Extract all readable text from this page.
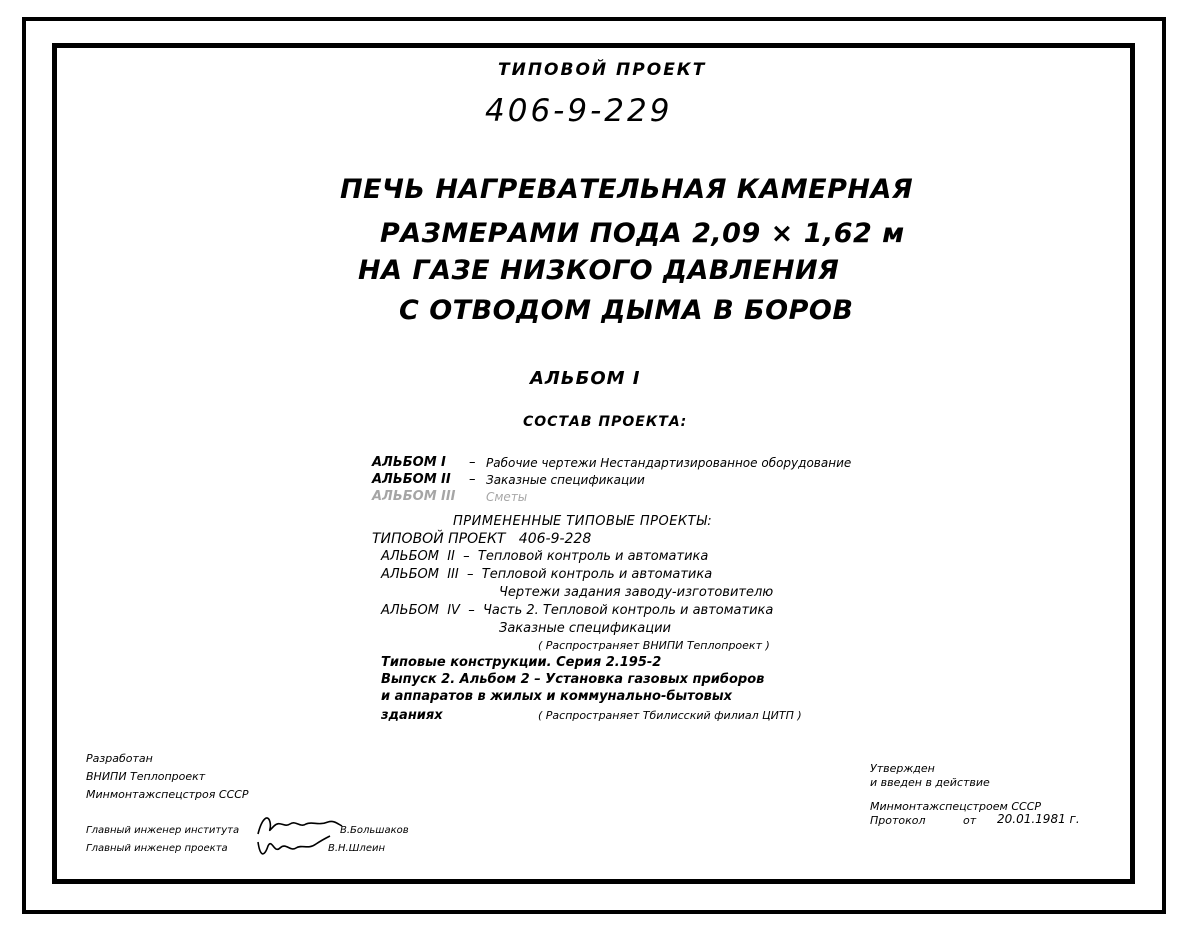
ТИПОВОЙ ПРОЕКТ
406-9-229
ПЕЧЬ НАГРЕВАТЕЛЬНАЯ КАМЕРНАЯ
РАЗМЕРАМИ ПОДА 2,09 × 1,62 м
НА ГАЗЕ НИЗКОГО ДАВЛЕНИЯ
С ОТВОДОМ ДЫМА В БОРОВ
АЛЬБОМ I
СОСТАВ ПРОЕКТА:
АЛЬБОМ I – Рабочие чертежи Нестандартизированное оборудование
АЛЬБОМ II – Заказные спецификации
АЛЬБОМ III	Сметы
ПРИМЕНЕННЫЕ ТИПОВЫЕ ПРОЕКТЫ:
ТИПОВОЙ ПРОЕКТ   406-9-228
АЛЬБОМ  II  –  Тепловой контроль и автоматика
АЛЬБОМ  III  –  Тепловой контроль и автоматика
Чертежи задания заводу-изготовителю
АЛЬБОМ  IV  –  Часть 2. Тепловой контроль и автоматика
Заказные спецификации
( Распространяет ВНИПИ Теплопроект )
Типовые конструкции. Серия 2.195-2
Выпуск 2. Альбом 2 – Установка газовых приборов
и аппаратов в жилых и коммунально-бытовых
зданиях	( Распространяет Тбилисский филиал ЦИТП )
Разработан
ВНИПИ Теплопроект
Минмонтажспецстроя СССР
Главный инженер института	В.Большаков
Главный инженер проекта	В.Н.Шлеин
Утвержден
и введен в действие
Минмонтажспецстроем СССР
Протокол	от 20.01.1981 г.
